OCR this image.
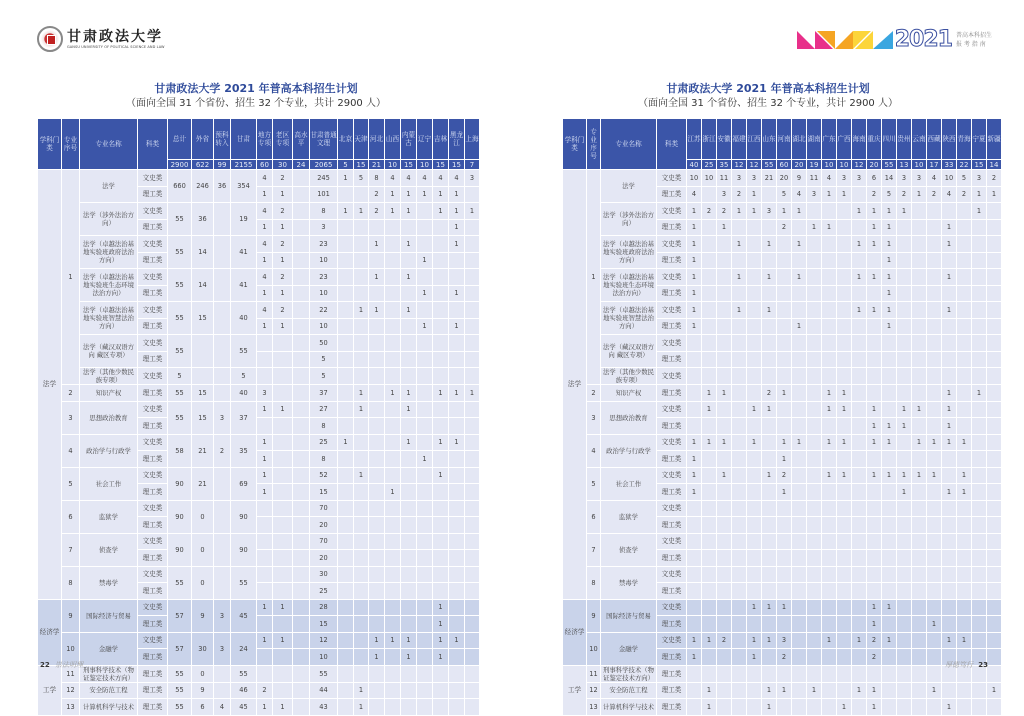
甘肃政法大学
GANSU UNIVERSITY OF POLITICAL SCIENCE AND LAW
甘肃政法大学 2021 年普高本科招生计划
（面向全国 31 个省份、招生 32 个专业，共计 2900 人）
学科门类	专业序号	专业名称	科类	总计	外省	预科转入	甘肃	地方专项	老区专项	高水平	甘肃普通文理	北京	天津	河北	山西	内蒙古	辽宁	吉林	黑龙江	上海
				2900	622	99	2155	60	30	24	2065	5	15	21	10	15	10	15	15	7
法学	1	法学	文史类	660	246	36	354	4	2		245	1	5	8	4	4	4	4	4	3
			理工类					1	1		101			2	1	1	1	1	1	
		法学（涉外法治方向）	文史类	55	36		19	4	2		8	1	1	2	1	1		1	1	1
			理工类					1	1		3								1	
		法学（卓越法治基地实验班政府法治方向）	文史类	55	14		41	4	2		23			1		1			1	
			理工类					1	1		10						1			
		法学（卓越法治基地实验班生态环境法治方向）	文史类	55	14		41	4	2		23			1		1				
			理工类					1	1		10						1		1	
		法学（卓越法治基地实验班智慧法治方向）	文史类	55	15		40	4	2		22		1	1		1				
			理工类					1	1		10						1		1	
		法学（藏汉双语方向 藏区专项）	文史类	55			55				50									
			理工类								5									
		法学（其他少数民族专项）	文史类	5			5				5									
	2	知识产权	理工类	55	15		40	3			37		1		1	1		1	1	1
	3	思想政治教育	文史类	55	15	3	37	1	1		27		1			1				
			理工类								8									
	4	政治学与行政学	文史类	58	21	2	35	1			25	1				1		1	1	
			理工类					1			8						1			
	5	社会工作	文史类	90	21		69	1			52		1					1		
			理工类					1			15				1					
	6	监狱学	文史类	90	0		90				70									
			理工类								20									
	7	侦查学	文史类	90	0		90				70									
			理工类								20									
	8	禁毒学	文史类	55	0		55				30									
			理工类								25									
经济学	9	国际经济与贸易	文史类	57	9	3	45	1	1		28							1		
			理工类								15							1		
	10	金融学	文史类	57	30	3	24	1	1		12			1	1	1		1	1	
			理工类								10			1		1		1		
工学	11	刑事科学技术（物证鉴定技术方向）	理工类	55	0		55				55									
	12	安全防范工程	理工类	55	9		46	2			44		1							
	13	计算机科学与技术	理工类	55	6	4	45	1	1		43		1							
22 崇法明理
2021 普高本科招生
报 考 指 南
甘肃政法大学 2021 年普高本科招生计划
（面向全国 31 个省份、招生 32 个专业，共计 2900 人）
学科门类	专业序号	专业名称	科类	江苏	浙江	安徽	福建	江西	山东	河南	湖北	湖南	广东	广西	海南	重庆	四川	贵州	云南	西藏	陕西	青海	宁夏	新疆
				40	25	35	12	12	55	60	20	19	10	10	12	20	55	13	10	17	33	22	15	14
法学	1	法学	文史类	10	10	11	3	3	21	20	9	11	4	3	3	6	14	3	3	4	10	5	3	2
			理工类	4		3	2	1		5	4	3	1	1		2	5	2	1	2	4	2	1	1
		法学（涉外法治方向）	文史类	1	2	2	1	1	3	1	1				1	1	1	1					1	
			理工类	1		1				2		1	1			1	1				1			
		法学（卓越法治基地实验班政府法治方向）	文史类	1			1		1		1				1	1	1				1			
			理工类	1													1							
		法学（卓越法治基地实验班生态环境法治方向）	文史类	1			1		1		1				1	1	1				1			
			理工类	1													1							
		法学（卓越法治基地实验班智慧法治方向）	文史类	1			1		1						1	1	1				1			
			理工类	1							1						1							
		法学（藏汉双语方向 藏区专项）	文史类																					
			理工类																					
		法学（其他少数民族专项）	文史类																					
	2	知识产权	理工类		1	1			2	1			1	1							1		1	
	3	思想政治教育	文史类		1			1	1				1	1		1		1	1		1			
			理工类													1	1	1			1			
	4	政治学与行政学	文史类	1	1	1		1		1	1		1	1		1	1		1	1	1	1		
			理工类	1						1														
	5	社会工作	文史类	1		1			1	2			1	1		1	1	1	1	1		1		
			理工类	1						1								1			1	1		
	6	监狱学	文史类																					
			理工类																					
	7	侦查学	文史类																					
			理工类																					
	8	禁毒学	文史类																					
			理工类																					
经济学	9	国际经济与贸易	文史类					1	1	1						1	1							
			理工类													1				1				
	10	金融学	文史类	1	1	2		1	1	3			1		1	2	1				1	1		
			理工类	1				1		2						2								
工学	11	刑事科学技术（物证鉴定技术方向）	理工类																					
	12	安全防范工程	理工类		1				1	1		1			1	1				1				1
	13	计算机科学与技术	理工类		1				1					1		1					1			
厚德笃行 23
